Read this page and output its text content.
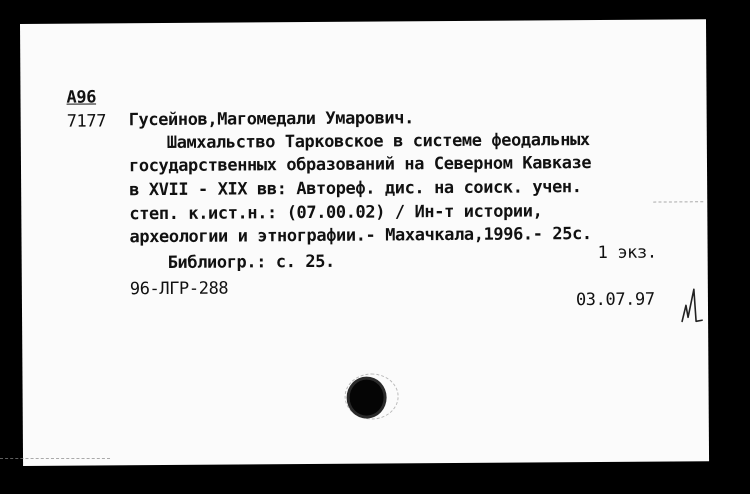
А96
7177 Гусейнов,Магомедали Умарович.
Шамхальство Тарковское в системе феодальных
государственных образований на Северном Кавказе
в XVII - XIX вв: Автореф. дис. на соиск. учен.
степ. к.ист.н.: (07.00.02) / Ин-т истории,
археологии и этнографии.- Махачкала,1996.- 25с.
Библиогр.: с. 25.	1 экз.
96-ЛГР-288
03.07.97
